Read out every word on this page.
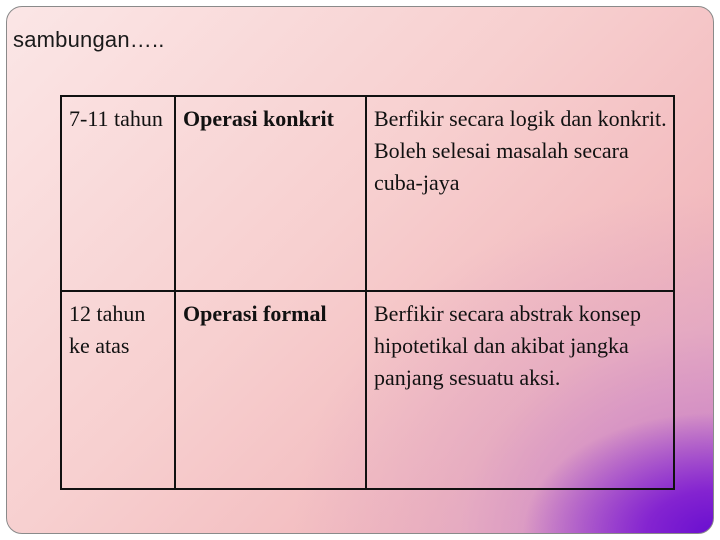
sambungan…..
7-11 tahun	Operasi konkrit	Berfikir secara logik dan konkrit. Boleh selesai masalah secara cuba-jaya
12 tahun ke atas	Operasi formal	Berfikir secara abstrak konsep hipotetikal dan akibat jangka panjang sesuatu aksi.
